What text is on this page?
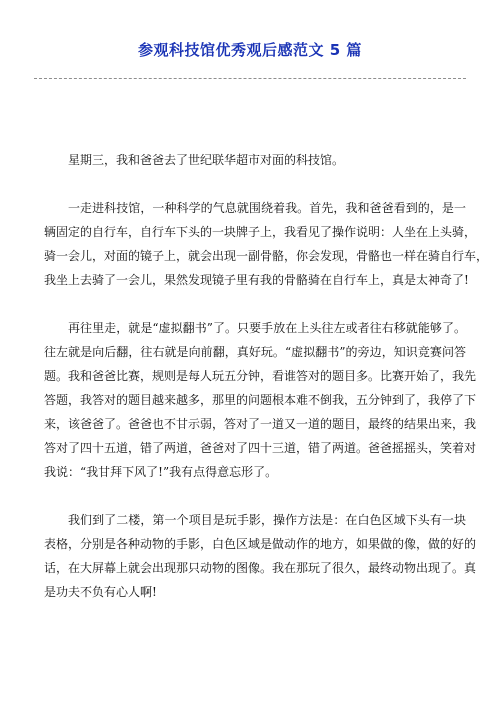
参观科技馆优秀观后感范文 5 篇

星期三，我和爸爸去了世纪联华超市对面的科技馆。

一走进科技馆，一种科学的气息就围绕着我。首先，我和爸爸看到的，是一
辆固定的自行车，自行车下头的一块牌子上，我看见了操作说明：人坐在上头骑，
骑一会儿，对面的镜子上，就会出现一副骨骼，你会发现，骨骼也一样在骑自行车，
我坐上去骑了一会儿，果然发现镜子里有我的骨骼骑在自行车上，真是太神奇了!

再往里走，就是“虚拟翻书”了。只要手放在上头往左或者往右移就能够了。
往左就是向后翻，往右就是向前翻，真好玩。“虚拟翻书”的旁边，知识竞赛问答
题。我和爸爸比赛，规则是每人玩五分钟，看谁答对的题目多。比赛开始了，我先
答题，我答对的题目越来越多，那里的问题根本难不倒我，五分钟到了，我停了下
来，该爸爸了。爸爸也不甘示弱，答对了一道又一道的题目，最终的结果出来，我
答对了四十五道，错了两道，爸爸对了四十三道，错了两道。爸爸摇摇头，笑着对
我说：“我甘拜下风了!”我有点得意忘形了。

我们到了二楼，第一个项目是玩手影，操作方法是：在白色区域下头有一块
表格，分别是各种动物的手影，白色区域是做动作的地方，如果做的像，做的好的
话，在大屏幕上就会出现那只动物的图像。我在那玩了很久，最终动物出现了。真
是功夫不负有心人啊!
